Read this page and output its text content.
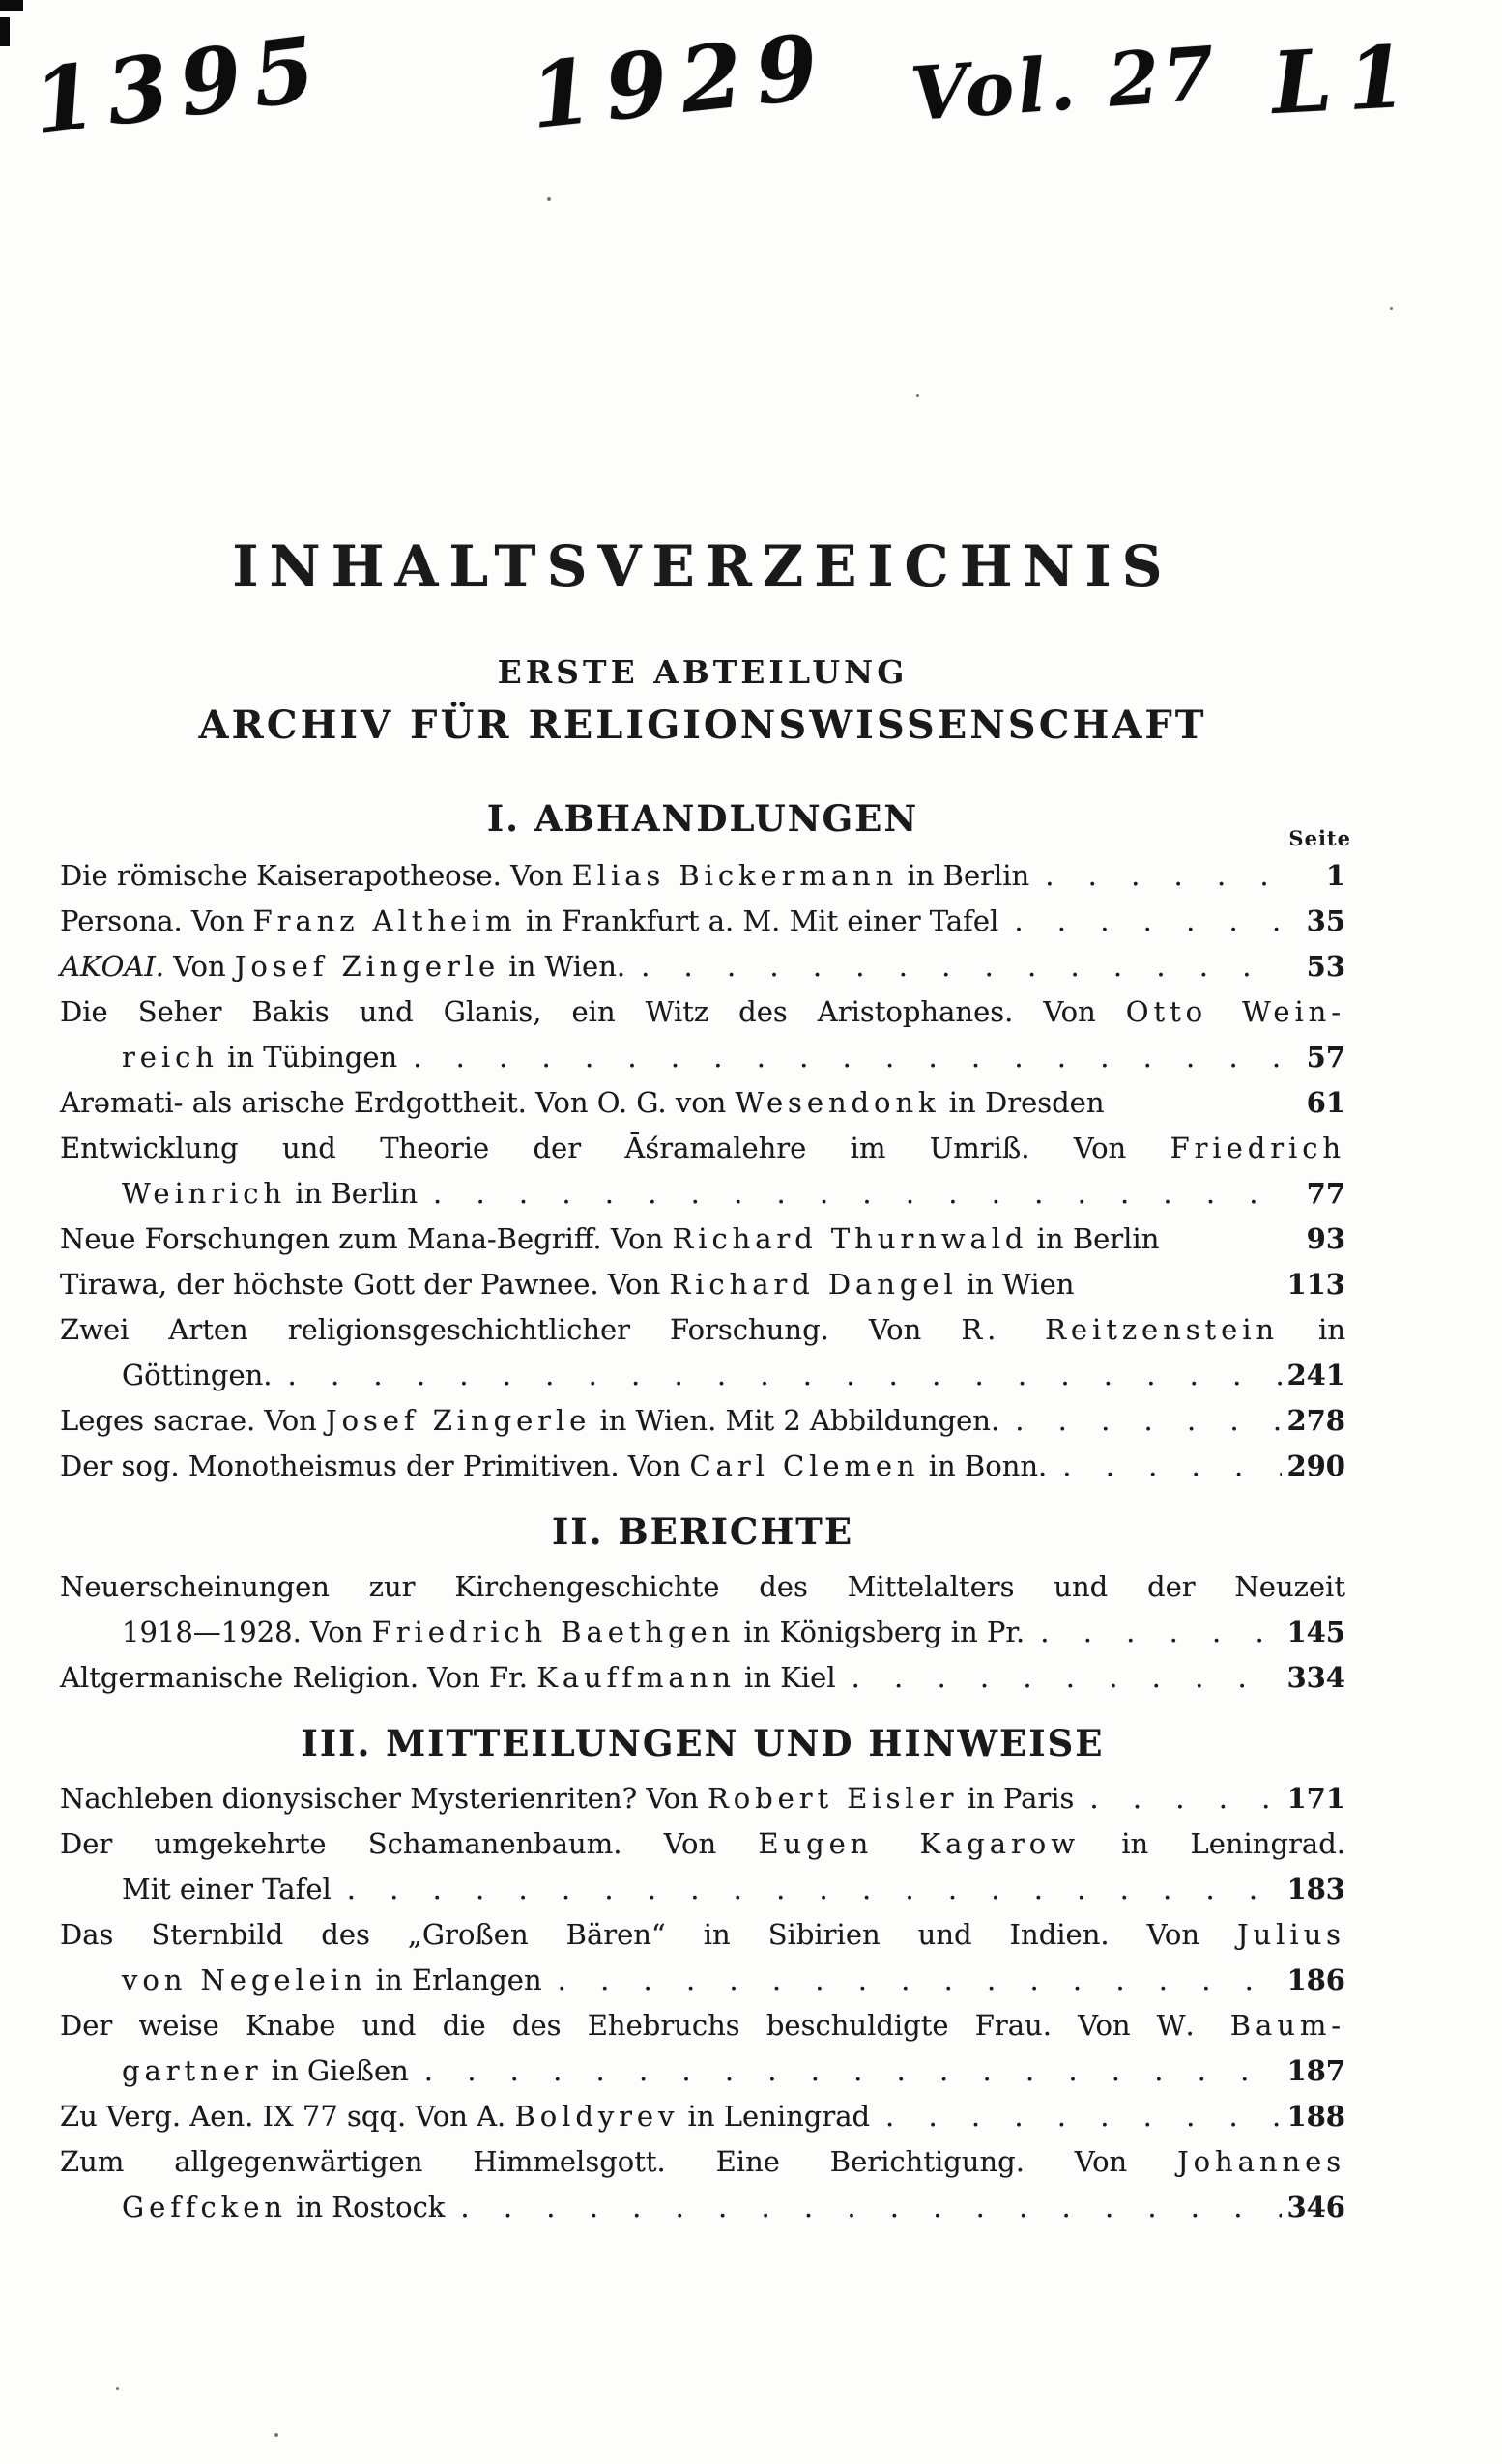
1395 1929 Vol. 27 L1
INHALTSVERZEICHNIS
ERSTE ABTEILUNG
ARCHIV FÜR RELIGIONSWISSENSCHAFT
I. ABHANDLUNGEN	Seite
Die römische Kaiserapotheose. Von Elias Bickermann in Berlin . . .	1
Persona. Von Franz Altheim in Frankfurt a. M. Mit einer Tafel . . .	35
ΑΚΟΑΙ. Von Josef Zingerle in Wien. . . .	53
Die Seher Bakis und Glanis, ein Witz des Aristophanes. Von Otto Wein-
reich in Tübingen . . .	57
Arəmati- als arische Erdgottheit. Von O. G. von Wesendonk in Dresden	61
Entwicklung und Theorie der Āśramalehre im Umriß. Von Friedrich
Weinrich in Berlin . . .	77
Neue Forschungen zum Mana-Begriff. Von Richard Thurnwald in Berlin	93
Tirawa, der höchste Gott der Pawnee. Von Richard Dangel in Wien	113
Zwei Arten religionsgeschichtlicher Forschung. Von R. Reitzenstein in
Göttingen. . . .	241
Leges sacrae. Von Josef Zingerle in Wien. Mit 2 Abbildungen. . . .	278
Der sog. Monotheismus der Primitiven. Von Carl Clemen in Bonn. . . .	290
II. BERICHTE
Neuerscheinungen zur Kirchengeschichte des Mittelalters und der Neuzeit
1918—1928. Von Friedrich Baethgen in Königsberg in Pr. . . .	145
Altgermanische Religion. Von Fr. Kauffmann in Kiel . . .	334
III. MITTEILUNGEN UND HINWEISE
Nachleben dionysischer Mysterienriten? Von Robert Eisler in Paris . . .	171
Der umgekehrte Schamanenbaum. Von Eugen Kagarow in Leningrad.
Mit einer Tafel . . .	183
Das Sternbild des „Großen Bären“ in Sibirien und Indien. Von Julius
von Negelein in Erlangen . . .	186
Der weise Knabe und die des Ehebruchs beschuldigte Frau. Von W. Baum-
gartner in Gießen . . .	187
Zu Verg. Aen. IX 77 sqq. Von A. Boldyrev in Leningrad . . .	188
Zum allgegenwärtigen Himmelsgott. Eine Berichtigung. Von Johannes
Geffcken in Rostock . . .	346
